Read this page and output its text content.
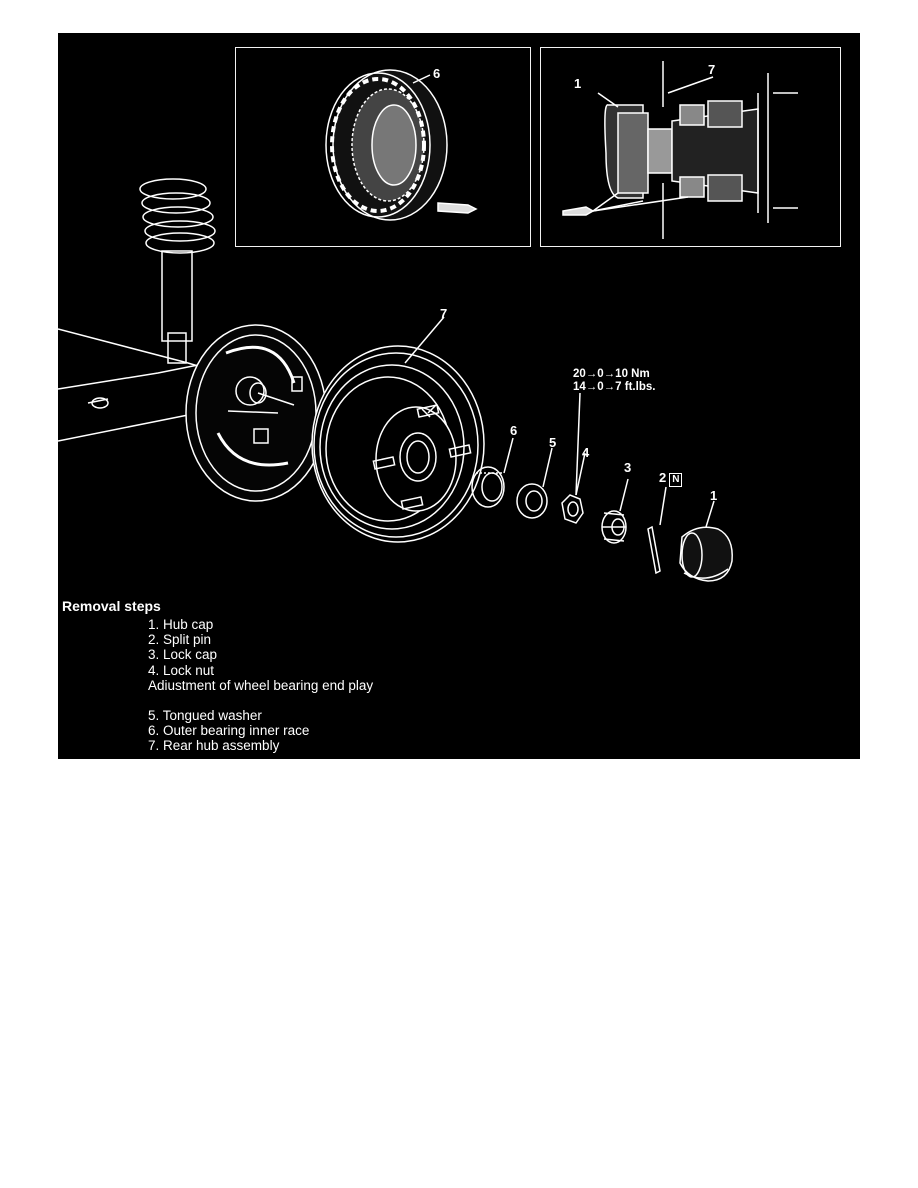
6
1
7
7
6
5
4
3
2 N
1
20→0→10 Nm
14→0→7 ft.lbs.
Removal steps
1. Hub cap
2. Split pin
3. Lock cap
4. Lock nut
Adiustment of wheel bearing end play
5. Tongued washer
6. Outer bearing inner race
7. Rear hub assembly
